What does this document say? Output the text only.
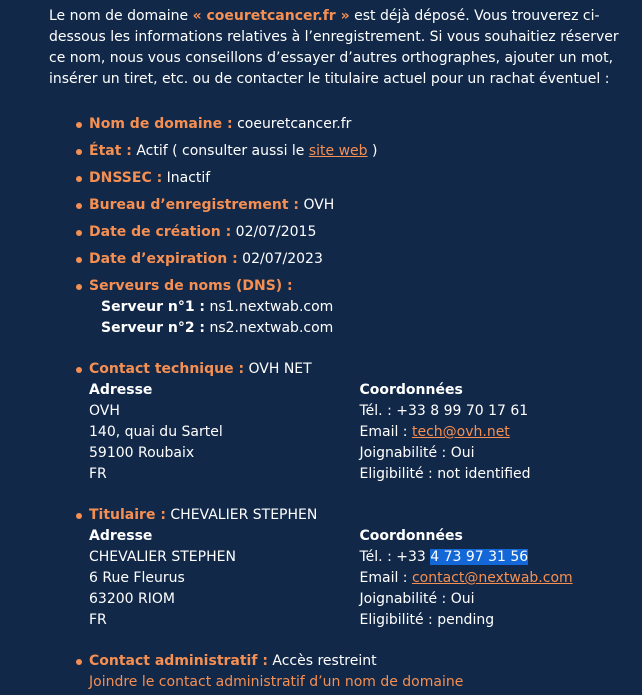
Le nom de domaine « coeuretcancer.fr » est déjà déposé. Vous trouverez ci-dessous les informations relatives à l’enregistrement. Si vous souhaitiez réserver ce nom, nous vous conseillons d’essayer d’autres orthographes, ajouter un mot, insérer un tiret, etc. ou de contacter le titulaire actuel pour un rachat éventuel :

Nom de domaine : coeuretcancer.fr
État : Actif ( consulter aussi le site web )
DNSSEC : Inactif
Bureau d’enregistrement : OVH
Date de création : 02/07/2015
Date d’expiration : 02/07/2023
Serveurs de noms (DNS) :
Serveur n°1 : ns1.nextwab.com
Serveur n°2 : ns2.nextwab.com
Contact technique : OVH NET
Adresse
OVH
140, quai du Sartel
59100 Roubaix
FR
Coordonnées
Tél. : +33 8 99 70 17 61
Email : tech@ovh.net
Joignabilité : Oui
Eligibilité : not identified
Titulaire : CHEVALIER STEPHEN
Adresse
CHEVALIER STEPHEN
6 Rue Fleurus
63200 RIOM
FR
Coordonnées
Tél. : +33 4 73 97 31 56
Email : contact@nextwab.com
Joignabilité : Oui
Eligibilité : pending
Contact administratif : Accès restreint
Joindre le contact administratif d’un nom de domaine
